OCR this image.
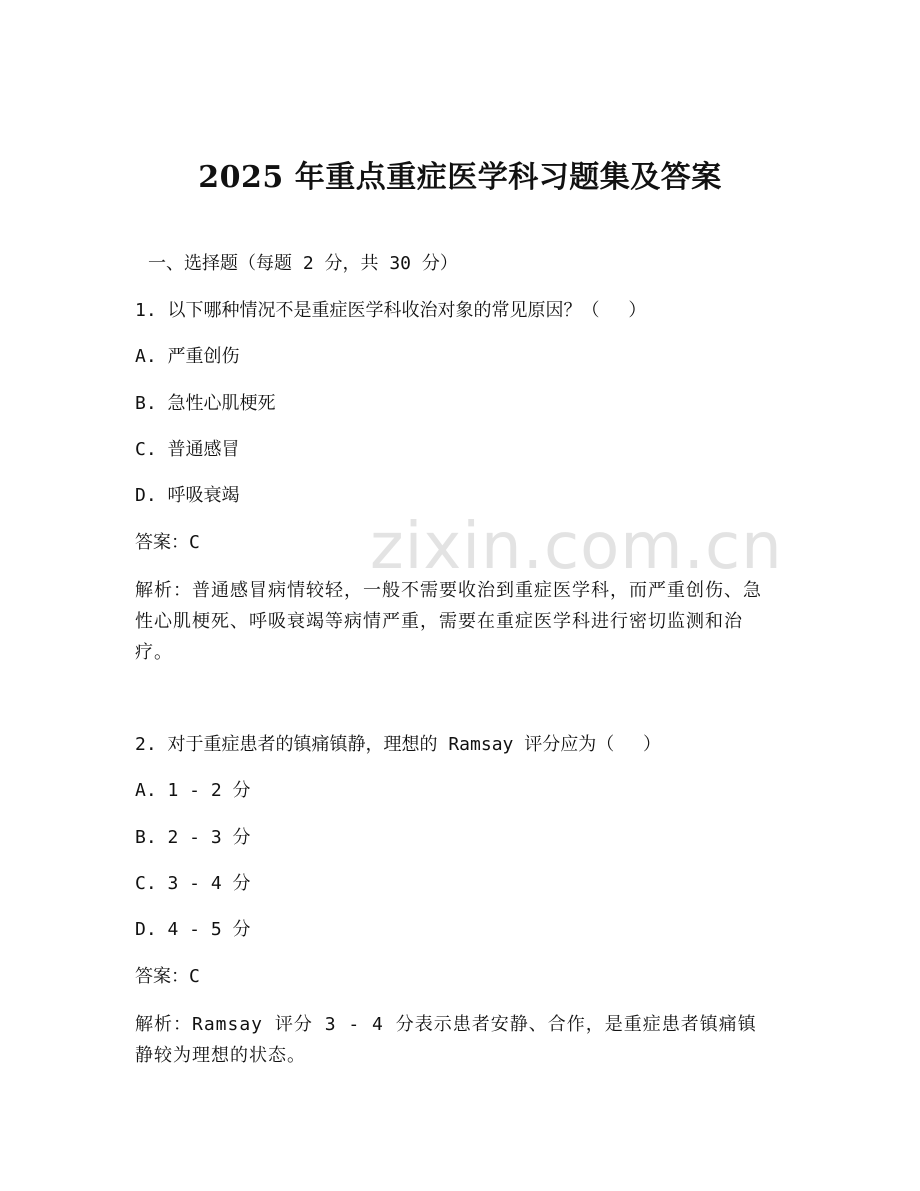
zixin.com.cn
2025 年重点重症医学科习题集及答案
一、选择题（每题 2 分，共 30 分）
1. 以下哪种情况不是重症医学科收治对象的常见原因？（　 ）
A. 严重创伤
B. 急性心肌梗死
C. 普通感冒
D. 呼吸衰竭
答案：C
解析：普通感冒病情较轻，一般不需要收治到重症医学科，而严重创伤、急性心肌梗死、呼吸衰竭等病情严重，需要在重症医学科进行密切监测和治疗。
2. 对于重症患者的镇痛镇静，理想的 Ramsay 评分应为（　 ）
A. 1 - 2 分
B. 2 - 3 分
C. 3 - 4 分
D. 4 - 5 分
答案：C
解析：Ramsay 评分 3 - 4 分表示患者安静、合作，是重症患者镇痛镇静较为理想的状态。
